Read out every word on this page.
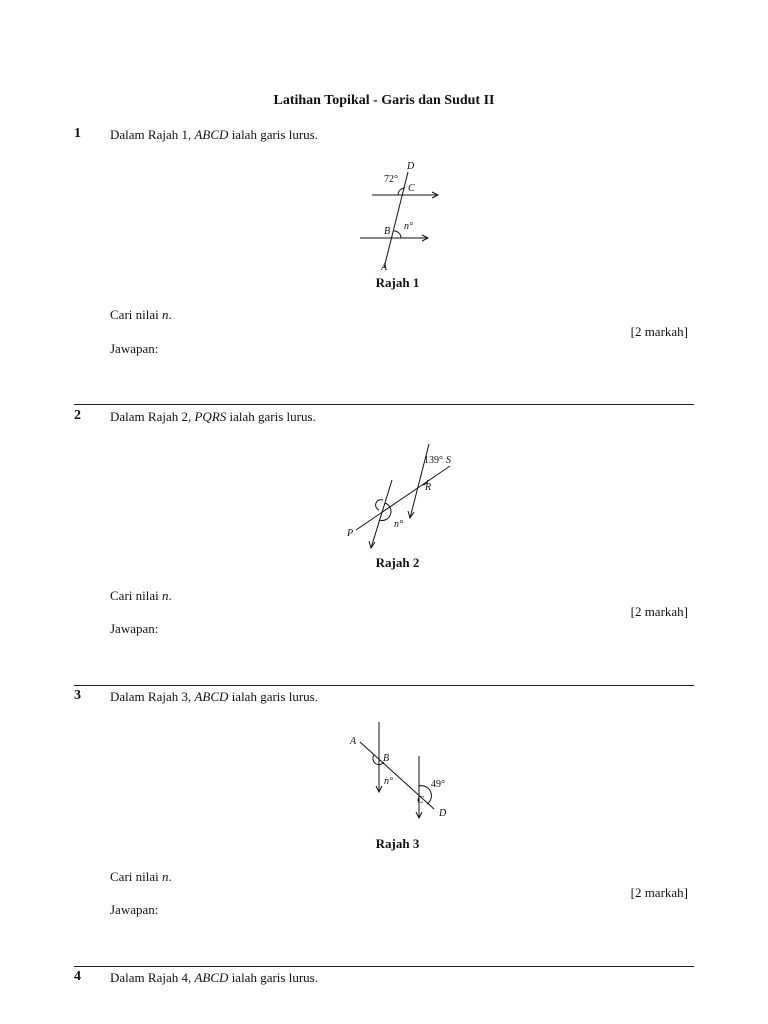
Latihan Topikal - Garis dan Sudut II
1 Dalam Rajah 1, ABCD ialah garis lurus.
D
72°
C
n°
B
A
Rajah 1
Cari nilai n.
[2 markah]
Jawapan:
2 Dalam Rajah 2, PQRS ialah garis lurus.
139° S
R
n°
P
Rajah 2
Cari nilai n.
[2 markah]
Jawapan:
3 Dalam Rajah 3, ABCD ialah garis lurus.
A
B
n°	49°
C
D
Rajah 3
Cari nilai n.
[2 markah]
Jawapan:
4 Dalam Rajah 4, ABCD ialah garis lurus.
